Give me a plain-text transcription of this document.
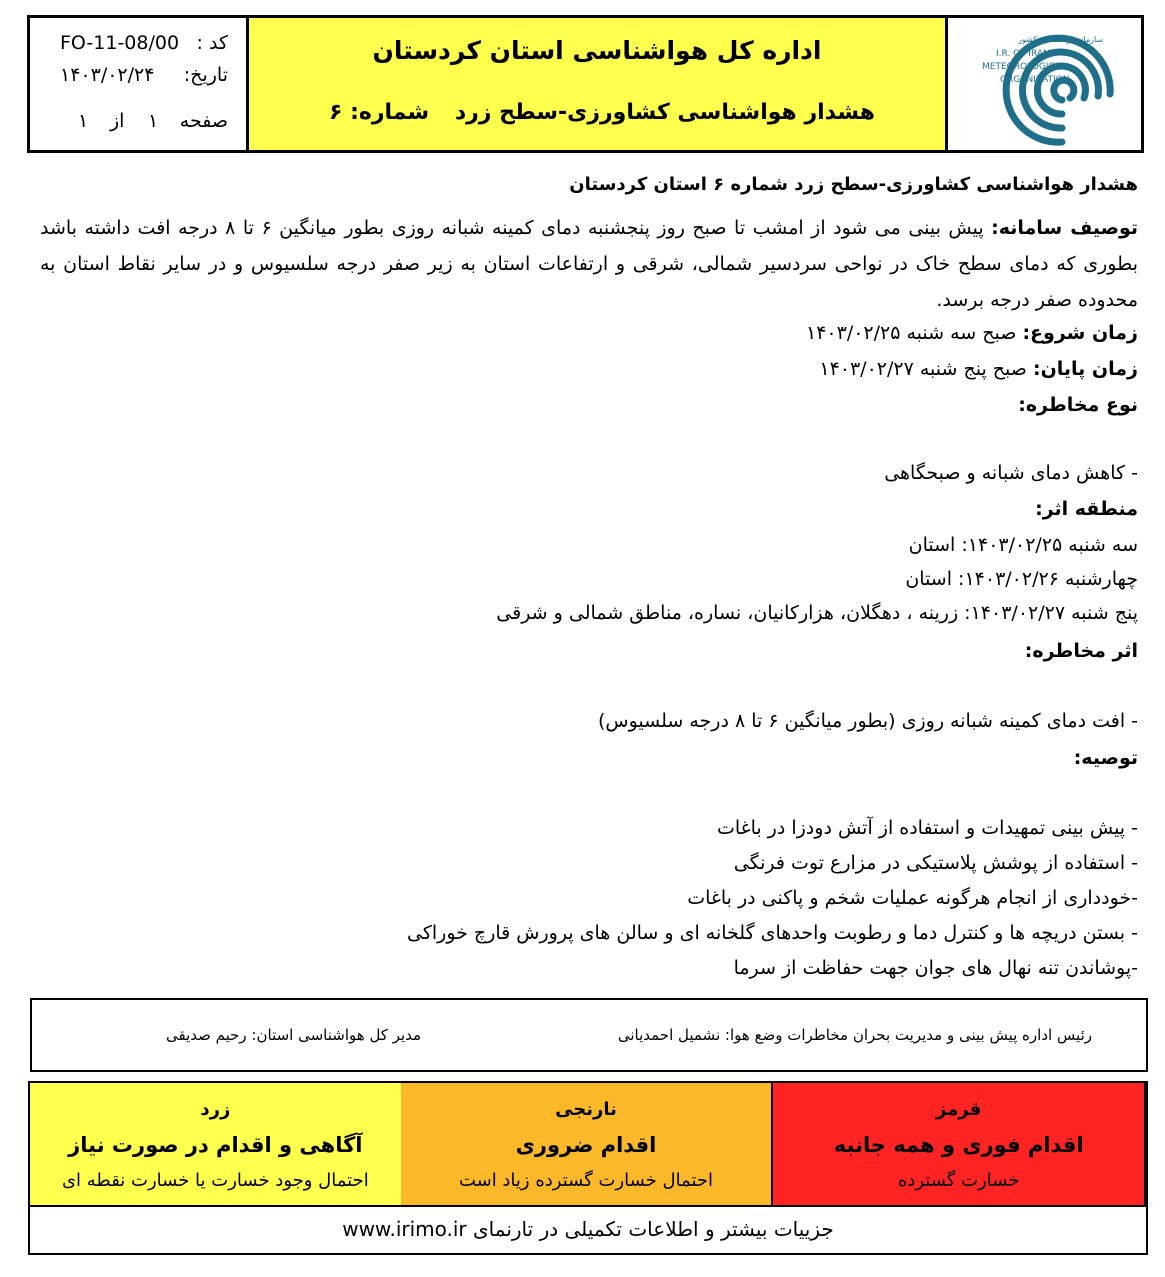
FO-11-08/00 کد :
۱۴۰۳/۰۲/۲۴ تاریخ:
۱ از ۱ صفحه
اداره کل هواشناسی استان کردستان
هشدار هواشناسی کشاورزی-سطح زرد
شماره: ۶
سازمان هواشناسی کشور
I.R. OF IRAN
METEOROLOGICAL
ORGANIZATION
هشدار هواشناسی کشاورزی-سطح زرد شماره ۶ استان کردستان
توصیف سامانه: پیش بینی می شود از امشب تا صبح روز پنجشنبه دمای کمینه شبانه روزی بطور میانگین ۶ تا ۸ درجه افت داشته باشد بطوری که دمای سطح خاک در نواحی سردسیر شمالی، شرقی و ارتفاعات استان به زیر صفر درجه سلسیوس و در سایر نقاط استان به محدوده صفر درجه برسد.
زمان شروع: صبح سه شنبه ۱۴۰۳/۰۲/۲۵
زمان پایان: صبح پنج شنبه ۱۴۰۳/۰۲/۲۷
نوع مخاطره:
- کاهش دمای شبانه و صبحگاهی
منطقه اثر:
سه شنبه ۱۴۰۳/۰۲/۲۵: استان
چهارشنبه ۱۴۰۳/۰۲/۲۶: استان
پنج شنبه ۱۴۰۳/۰۲/۲۷: زرینه ، دهگلان، هزارکانیان، نساره، مناطق شمالی و شرقی
اثر مخاطره:
- افت دمای کمینه شبانه روزی (بطور میانگین ۶ تا ۸ درجه سلسیوس)
توصیه:
- پیش بینی تمهیدات و استفاده از آتش دودزا در باغات
- استفاده از پوشش پلاستیکی در مزارع توت فرنگی
-خودداری از انجام هرگونه عملیات شخم و پاکنی در باغات
- بستن دریچه ها و کنترل دما و رطوبت واحدهای گلخانه ای و سالن های پرورش قارچ خوراکی
-پوشاندن تنه نهال های جوان جهت حفاظت از سرما
رئیس اداره پیش بینی و مدیریت بحران مخاطرات وضع هوا: نشمیل احمدیانی
مدیر کل هواشناسی استان: رحیم صدیقی
زرد
آگاهی و اقدام در صورت نیاز
احتمال وجود خسارت یا خسارت نقطه ای
نارنجی
اقدام ضروری
احتمال خسارت گسترده زیاد است
قرمز
اقدام فوری و همه جانبه
خسارت گسترده
جزییات بیشتر و اطلاعات تکمیلی در تارنمای www.irimo.ir
